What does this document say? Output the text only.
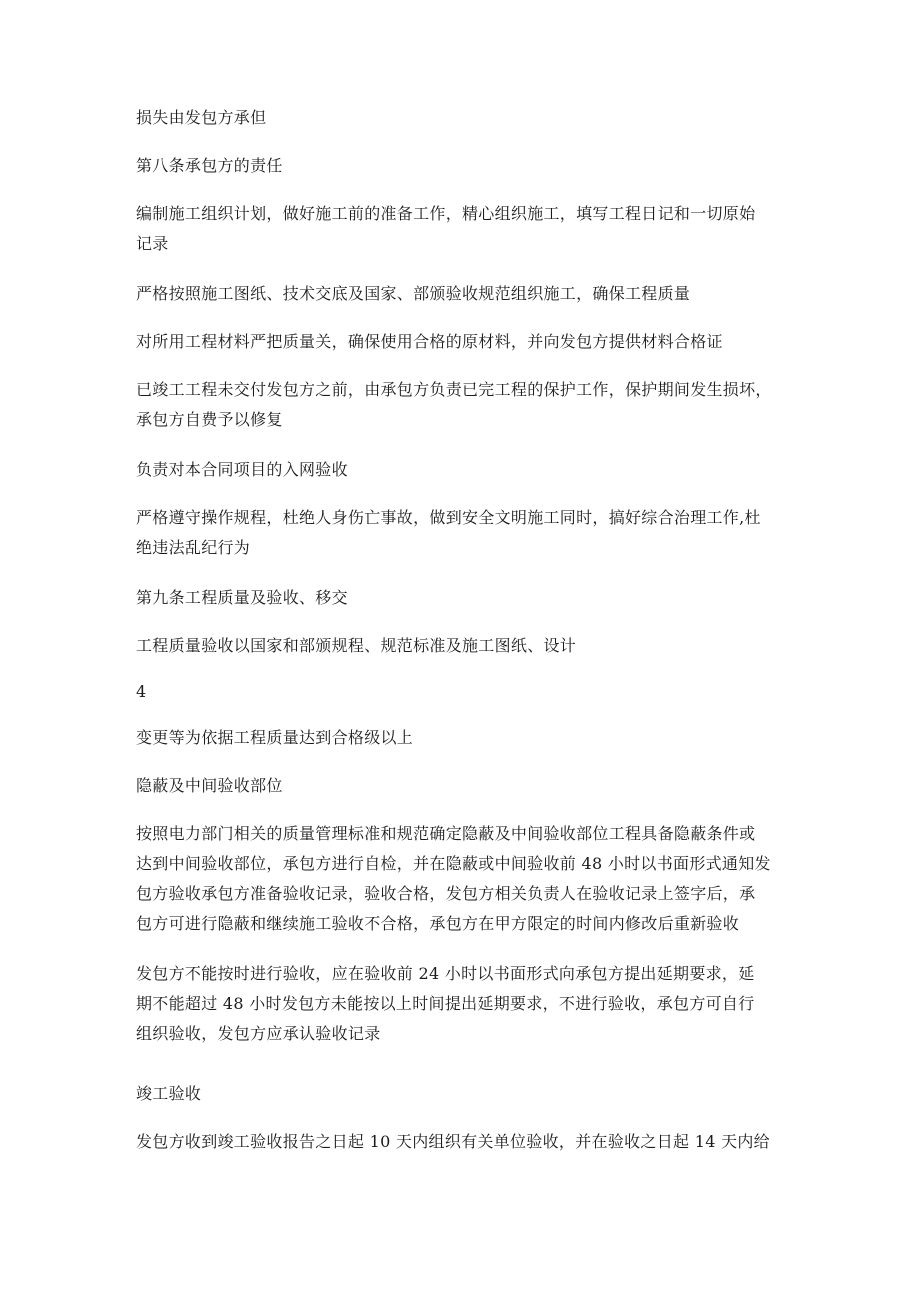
损失由发包方承但

第八条承包方的责任

编制施工组织计划，做好施工前的准备工作，精心组织施工，填写工程日记和一切原始
记录

严格按照施工图纸、技术交底及国家、部颁验收规范组织施工，确保工程质量

对所用工程材料严把质量关，确保使用合格的原材料，并向发包方提供材料合格证

已竣工工程未交付发包方之前，由承包方负责已完工程的保护工作，保护期间发生损坏，
承包方自费予以修复

负责对本合同项目的入网验收

严格遵守操作规程，杜绝人身伤亡事故，做到安全文明施工同时，搞好综合治理工作,杜
绝违法乱纪行为

第九条工程质量及验收、移交

工程质量验收以国家和部颁规程、规范标准及施工图纸、设计

4

变更等为依据工程质量达到合格级以上

隐蔽及中间验收部位

按照电力部门相关的质量管理标准和规范确定隐蔽及中间验收部位工程具备隐蔽条件或
达到中间验收部位，承包方进行自检，并在隐蔽或中间验收前 48 小时以书面形式通知发
包方验收承包方准备验收记录，验收合格，发包方相关负责人在验收记录上签字后，承
包方可进行隐蔽和继续施工验收不合格，承包方在甲方限定的时间内修改后重新验收

发包方不能按时进行验收，应在验收前 24 小时以书面形式向承包方提出延期要求，延
期不能超过 48 小时发包方未能按以上时间提出延期要求，不进行验收，承包方可自行
组织验收，发包方应承认验收记录

竣工验收

发包方收到竣工验收报告之日起 10 天内组织有关单位验收，并在验收之日起 14 天内给
